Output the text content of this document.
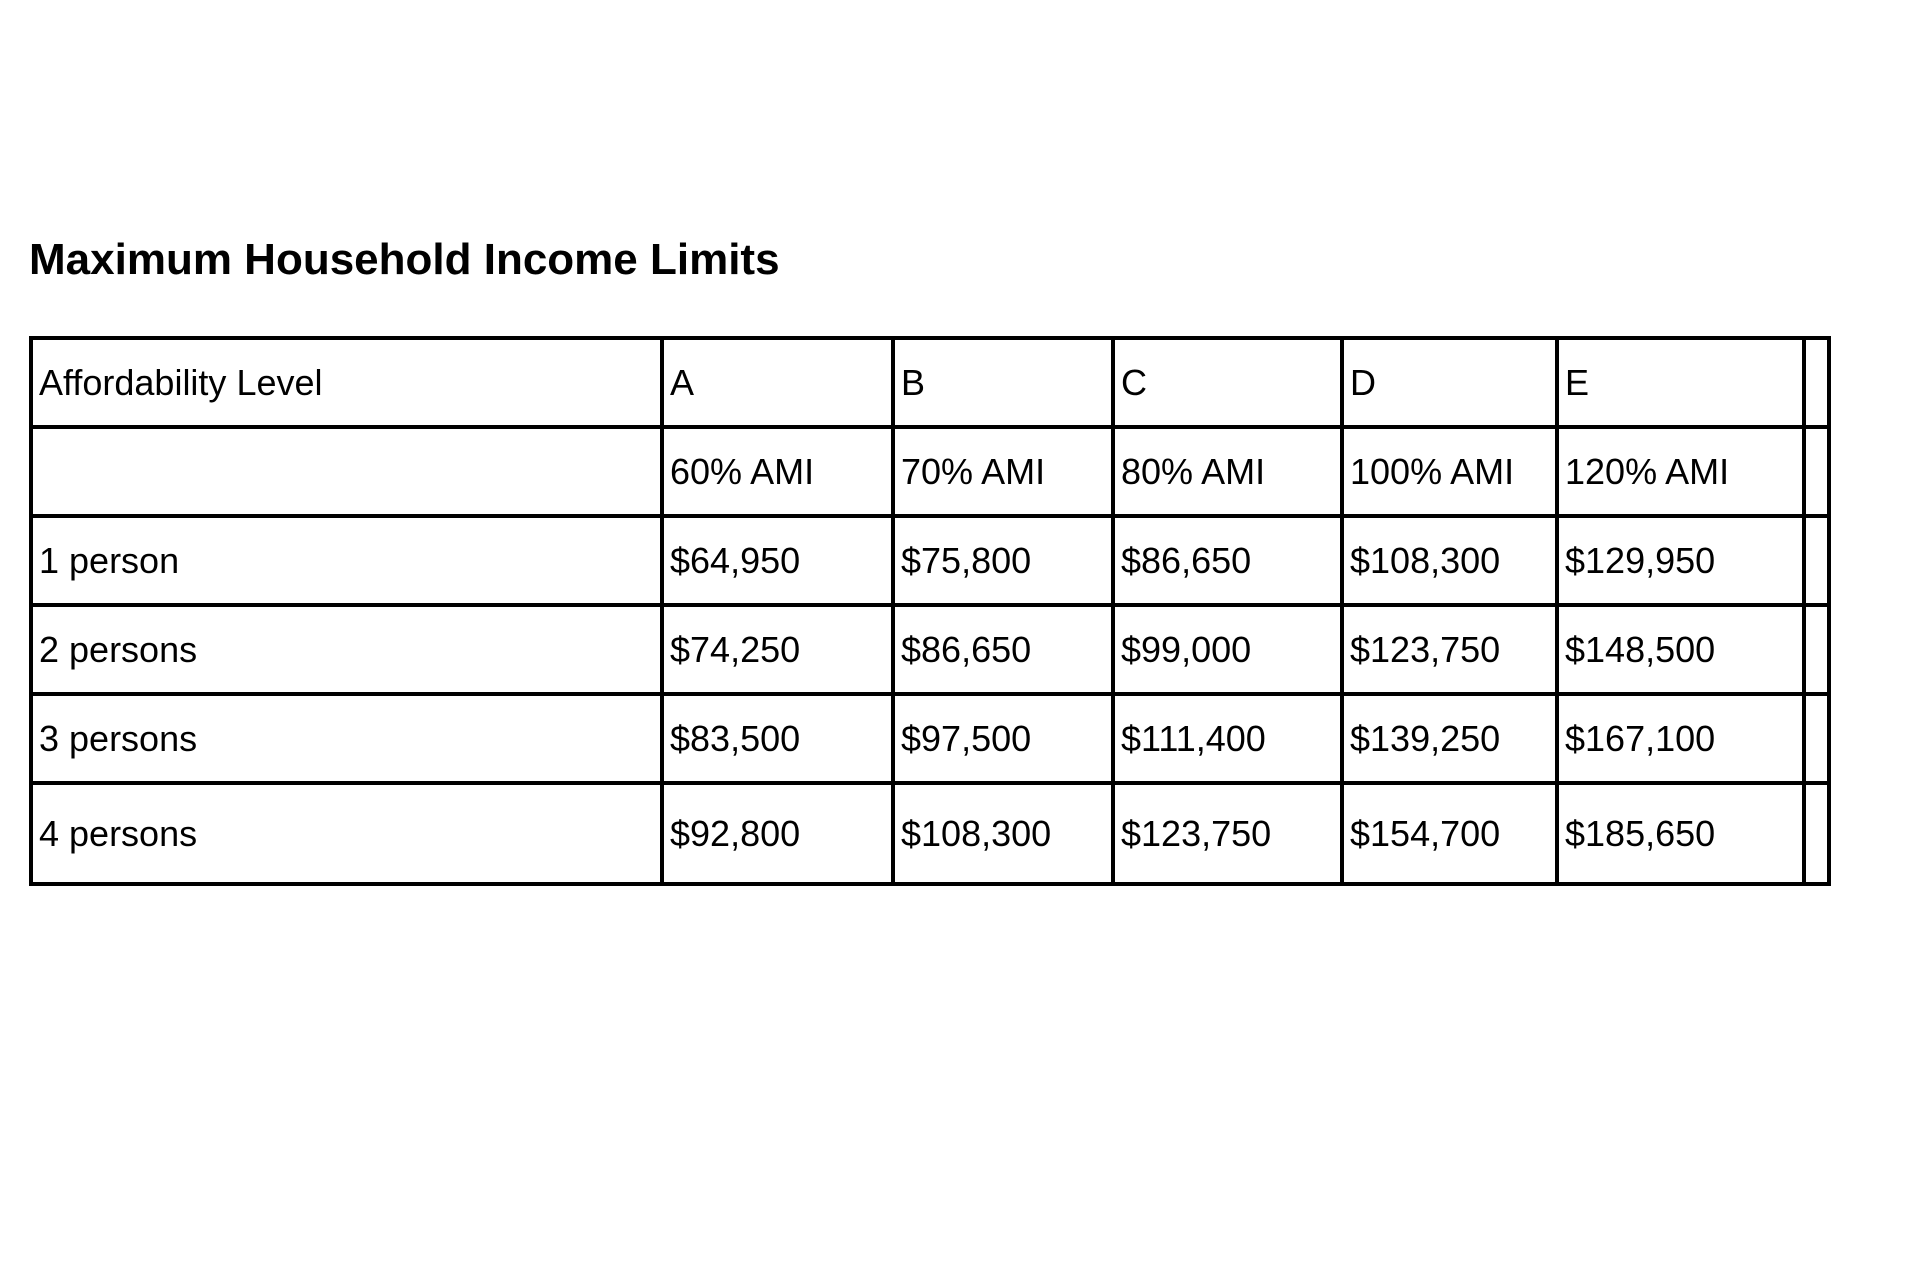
Maximum Household Income Limits
Affordability Level	A	B	C	D	E	
	60% AMI	70% AMI	80% AMI	100% AMI	120% AMI	
1 person	$64,950	$75,800	$86,650	$108,300	$129,950	
2 persons	$74,250	$86,650	$99,000	$123,750	$148,500	
3 persons	$83,500	$97,500	$111,400	$139,250	$167,100	
4 persons	$92,800	$108,300	$123,750	$154,700	$185,650	
